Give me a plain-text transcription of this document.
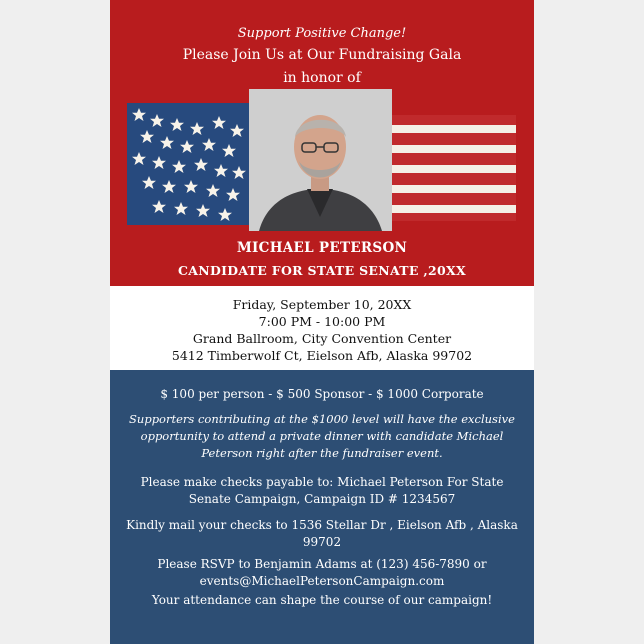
Support Positive Change!
Please Join Us at Our Fundraising Gala
in honor of
MICHAEL PETERSON
CANDIDATE FOR STATE SENATE ,20XX
Friday, September 10, 20XX
7:00 PM - 10:00 PM
Grand Ballroom, City Convention Center
5412 Timberwolf Ct, Eielson Afb, Alaska 99702
$ 100 per person - $ 500 Sponsor - $ 1000 Corporate
Supporters contributing at the $1000 level will have the exclusive
opportunity to attend a private dinner with candidate Michael
Peterson right after the fundraiser event.
Please make checks payable to: Michael Peterson For State
Senate Campaign, Campaign ID # 1234567
Kindly mail your checks to 1536 Stellar Dr , Eielson Afb , Alaska
99702
Please RSVP to Benjamin Adams at (123) 456-7890 or
events@MichaelPetersonCampaign.com
Your attendance can shape the course of our campaign!
